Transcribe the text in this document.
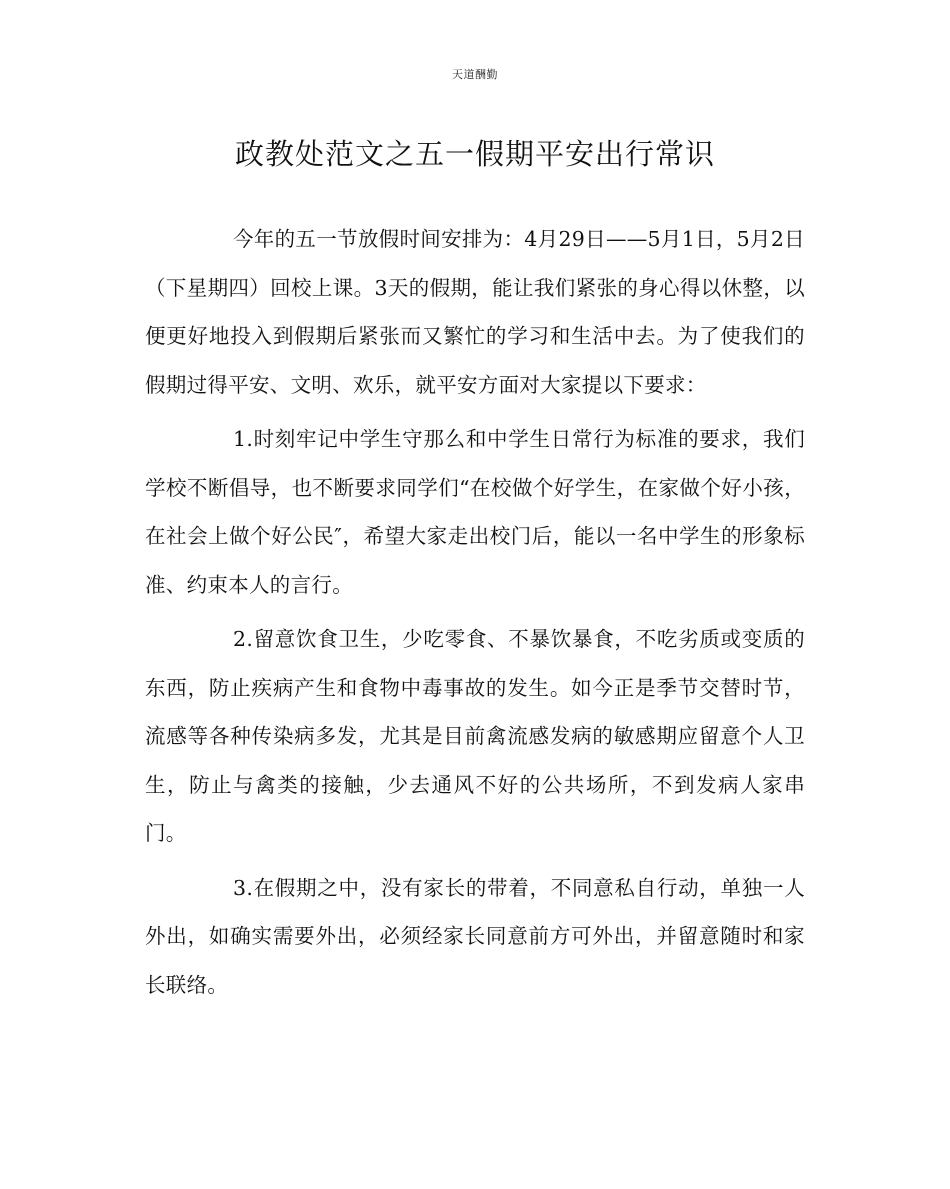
天道酬勤
政教处范文之五一假期平安出行常识

今年的五一节放假时间安排为：4月29日——5月1日，5月2日（下星期四）回校上课。3天的假期，能让我们紧张的身心得以休整，以便更好地投入到假期后紧张而又繁忙的学习和生活中去。为了使我们的假期过得平安、文明、欢乐，就平安方面对大家提以下要求：

1.时刻牢记中学生守那么和中学生日常行为标准的要求，我们学校不断倡导，也不断要求同学们“在校做个好学生，在家做个好小孩，在社会上做个好公民″，希望大家走出校门后，能以一名中学生的形象标准、约束本人的言行。

2.留意饮食卫生，少吃零食、不暴饮暴食，不吃劣质或变质的东西，防止疾病产生和食物中毒事故的发生。如今正是季节交替时节，流感等各种传染病多发，尤其是目前禽流感发病的敏感期应留意个人卫生，防止与禽类的接触，少去通风不好的公共场所，不到发病人家串门。

3.在假期之中，没有家长的带着，不同意私自行动，单独一人外出，如确实需要外出，必须经家长同意前方可外出，并留意随时和家长联络。
